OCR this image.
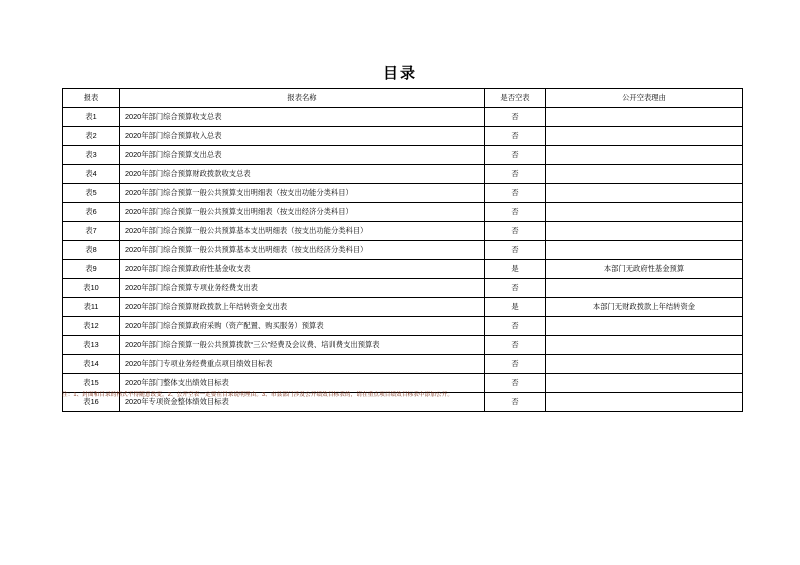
目录
报表	报表名称	是否空表	公开空表理由
表1	2020年部门综合预算收支总表	否	
表2	2020年部门综合预算收入总表	否	
表3	2020年部门综合预算支出总表	否	
表4	2020年部门综合预算财政拨款收支总表	否	
表5	2020年部门综合预算一般公共预算支出明细表（按支出功能分类科目）	否	
表6	2020年部门综合预算一般公共预算支出明细表（按支出经济分类科目）	否	
表7	2020年部门综合预算一般公共预算基本支出明细表（按支出功能分类科目）	否	
表8	2020年部门综合预算一般公共预算基本支出明细表（按支出经济分类科目）	否	
表9	2020年部门综合预算政府性基金收支表	是	本部门无政府性基金预算
表10	2020年部门综合预算专项业务经费支出表	否	
表11	2020年部门综合预算财政拨款上年结转资金支出表	是	本部门无财政拨款上年结转资金
表12	2020年部门综合预算政府采购（资产配置、购买服务）预算表	否	
表13	2020年部门综合预算一般公共预算拨款“三公”经费及会议费、培训费支出预算表	否	
表14	2020年部门专项业务经费重点项目绩效目标表	否	
表15	2020年部门整体支出绩效目标表	否	
表16	2020年专项资金整体绩效目标表	否	
注：1、封面和目录的格式不得随意改变。2、公开空表一定要在目录说明理由。3、市县部门涉及公开绩效目标表的，请在重点项目绩效目标表中添加公开。
